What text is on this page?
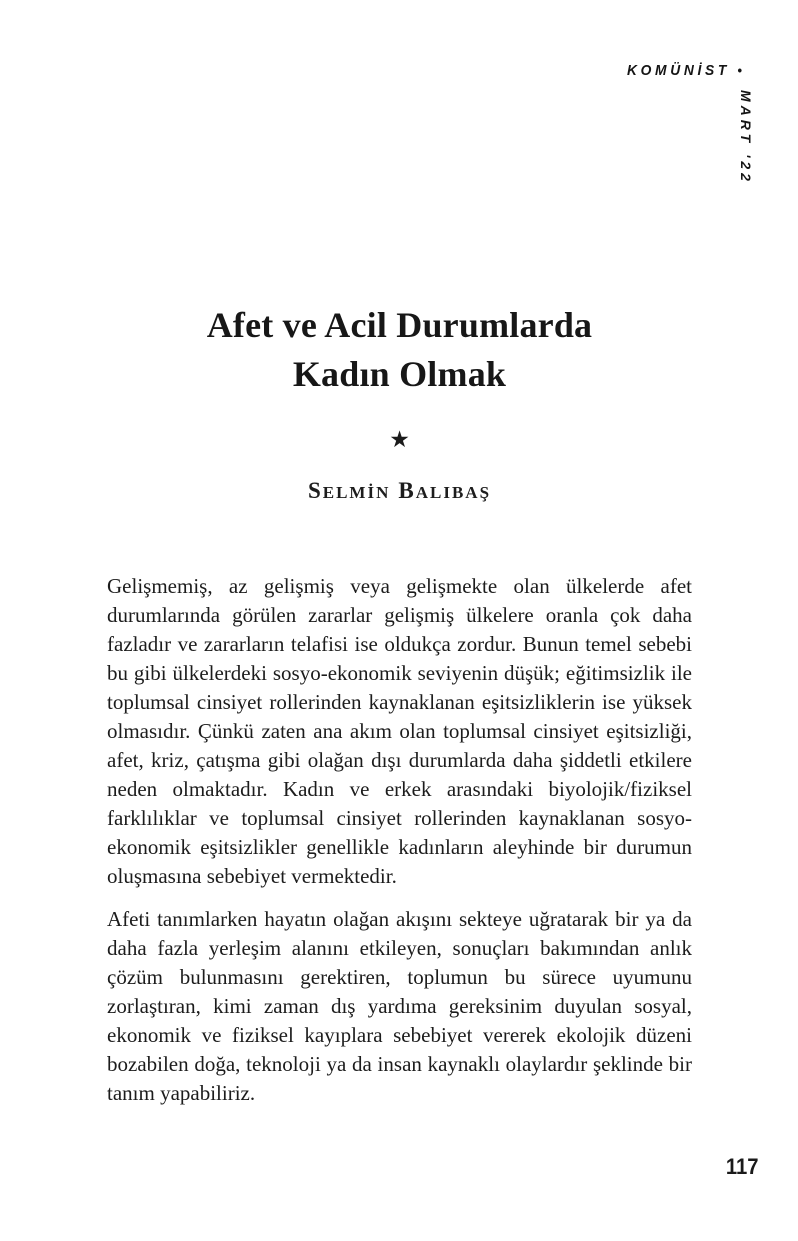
KOMÜNİST •
MART '22
Afet ve Acil Durumlarda
Kadın Olmak
★
SELMİN BALIBAŞ

Gelişmemiş, az gelişmiş veya gelişmekte olan ülkelerde afet durumlarında görülen zararlar gelişmiş ülkelere oranla çok daha fazladır ve zararların telafisi ise oldukça zordur. Bunun temel sebebi bu gibi ülkelerdeki sosyo-ekonomik seviyenin düşük; eğitimsizlik ile toplumsal cinsiyet rollerinden kaynaklanan eşitsizliklerin ise yüksek olmasıdır. Çünkü zaten ana akım olan toplumsal cinsiyet eşitsizliği, afet, kriz, çatışma gibi olağan dışı durumlarda daha şiddetli etkilere neden olmaktadır. Kadın ve erkek arasındaki biyolojik/fiziksel farklılıklar ve toplumsal cinsiyet rollerinden kaynaklanan sosyo-ekonomik eşitsizlikler genellikle kadınların aleyhinde bir durumun oluşmasına sebebiyet vermektedir.

Afeti tanımlarken hayatın olağan akışını sekteye uğratarak bir ya da daha fazla yerleşim alanını etkileyen, sonuçları bakımından anlık çözüm bulunmasını gerektiren, toplumun bu sürece uyumunu zorlaştıran, kimi zaman dış yardıma gereksinim duyulan sosyal, ekonomik ve fiziksel kayıplara sebebiyet vererek ekolojik düzeni bozabilen doğa, teknoloji ya da insan kaynaklı olaylardır şeklinde bir tanım yapabiliriz.

117
